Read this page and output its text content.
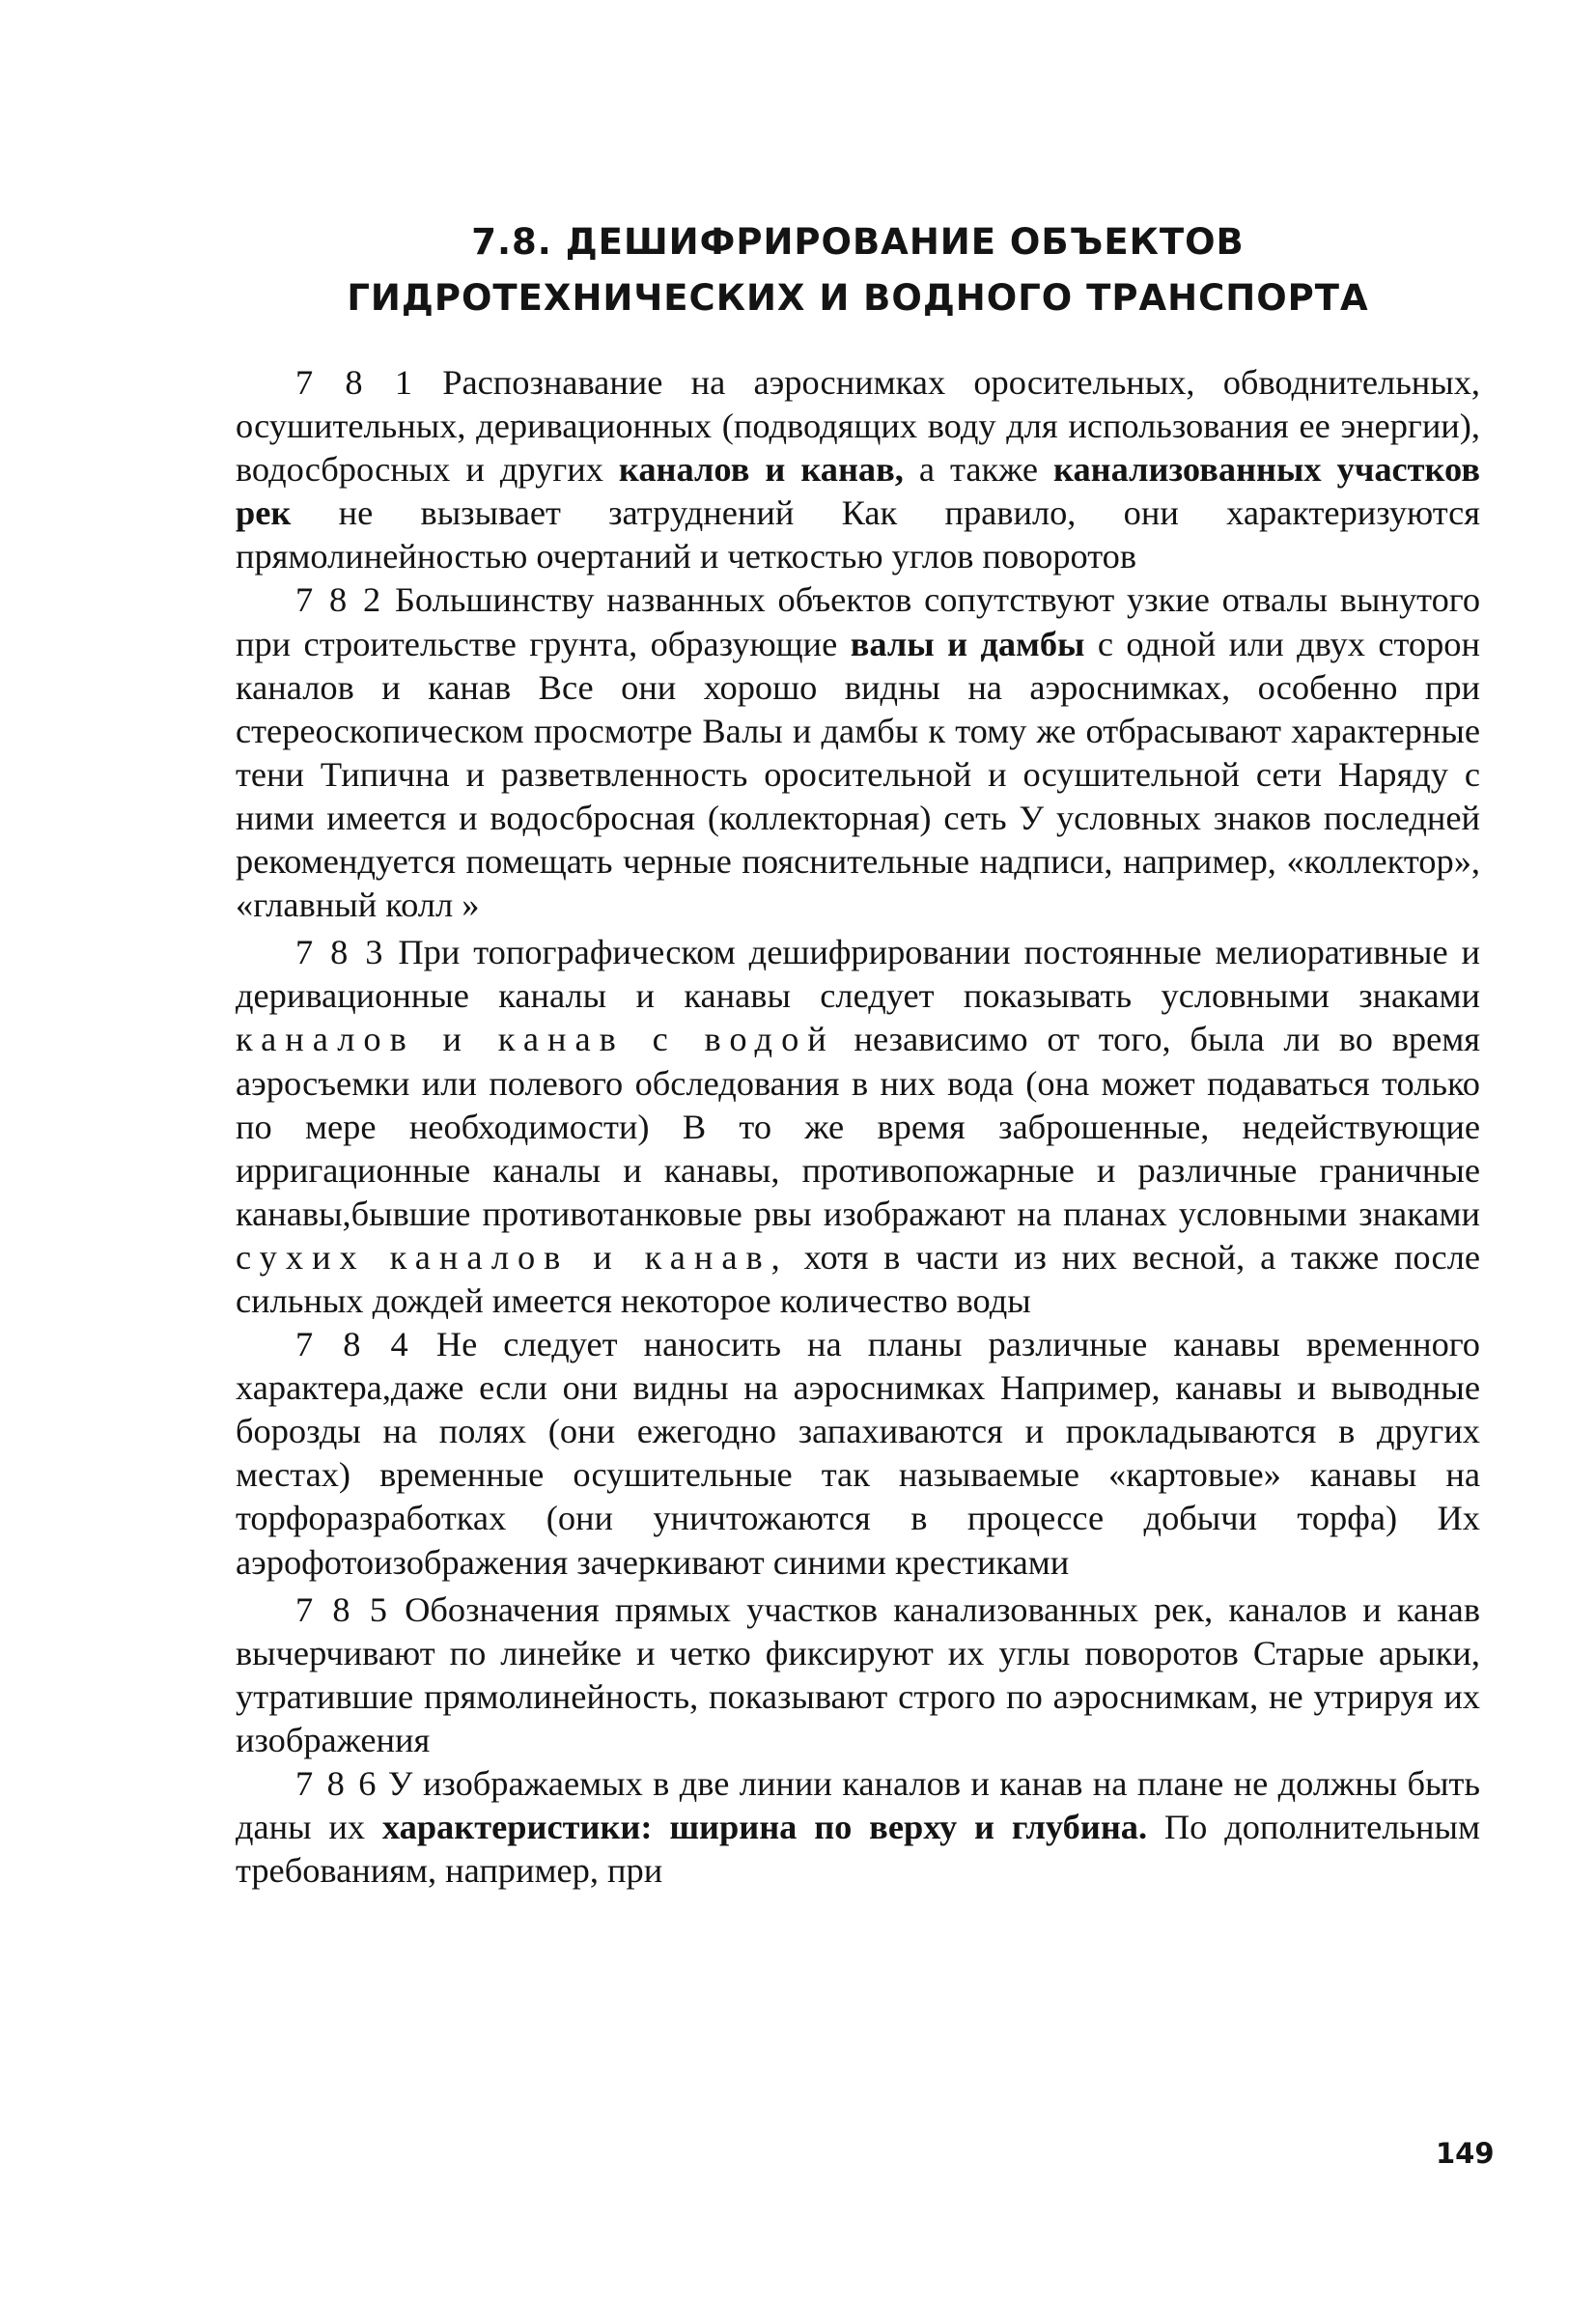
7.8. ДЕШИФРИРОВАНИЕ ОБЪЕКТОВ
ГИДРОТЕХНИЧЕСКИХ И ВОДНОГО ТРАНСПОРТА

7 8 1 Распознавание на аэроснимках оросительных, обводнительных, осушительных, деривационных (подводящих воду для использования ее энергии), водосбросных и других каналов и канав, а также канализованных участков рек не вызывает затруднений Как правило, они характеризуются прямолинейностью очертаний и четкостью углов поворотов

7 8 2 Большинству названных объектов сопутствуют узкие отвалы вынутого при строительстве грунта, образующие валы и дамбы с одной или двух сторон каналов и канав Все они хорошо видны на аэроснимках, особенно при стереоскопическом просмотре Валы и дамбы к тому же отбрасывают характерные тени Типична и разветвленность оросительной и осушительной сети Наряду с ними имеется и водосбросная (коллекторная) сеть У условных знаков последней рекомендуется помещать черные пояснительные надписи, например, «коллектор», «главный колл »

7 8 3 При топографическом дешифрировании постоянные мелиоративные и деривационные каналы и канавы следует показывать условными знаками каналов и канав с водой независимо от того, была ли во время аэросъемки или полевого обследования в них вода (она может подаваться только по мере необходимости) В то же время заброшенные, недействующие ирригационные каналы и канавы, противопожарные и различные граничные канавы,бывшие противотанковые рвы изображают на планах условными знаками сухих каналов и канав, хотя в части из них весной, а также после сильных дождей имеется некоторое количество воды

7 8 4 Не следует наносить на планы различные канавы временного характера,даже если они видны на аэроснимках Например, канавы и выводные борозды на полях (они ежегодно запахиваются и прокладываются в других местах) временные осушительные так называемые «картовые» канавы на торфоразработках (они уничтожаются в процессе добычи торфа) Их аэрофотоизображения зачеркивают синими крестиками

7 8 5 Обозначения прямых участков канализованных рек, каналов и канав вычерчивают по линейке и четко фиксируют их углы поворотов Старые арыки, утратившие прямолинейность, показывают строго по аэроснимкам, не утрируя их изображения

7 8 6 У изображаемых в две линии каналов и канав на плане не должны быть даны их характеристики: ширина по верху и глубина. По дополнительным требованиям, например, при

149
